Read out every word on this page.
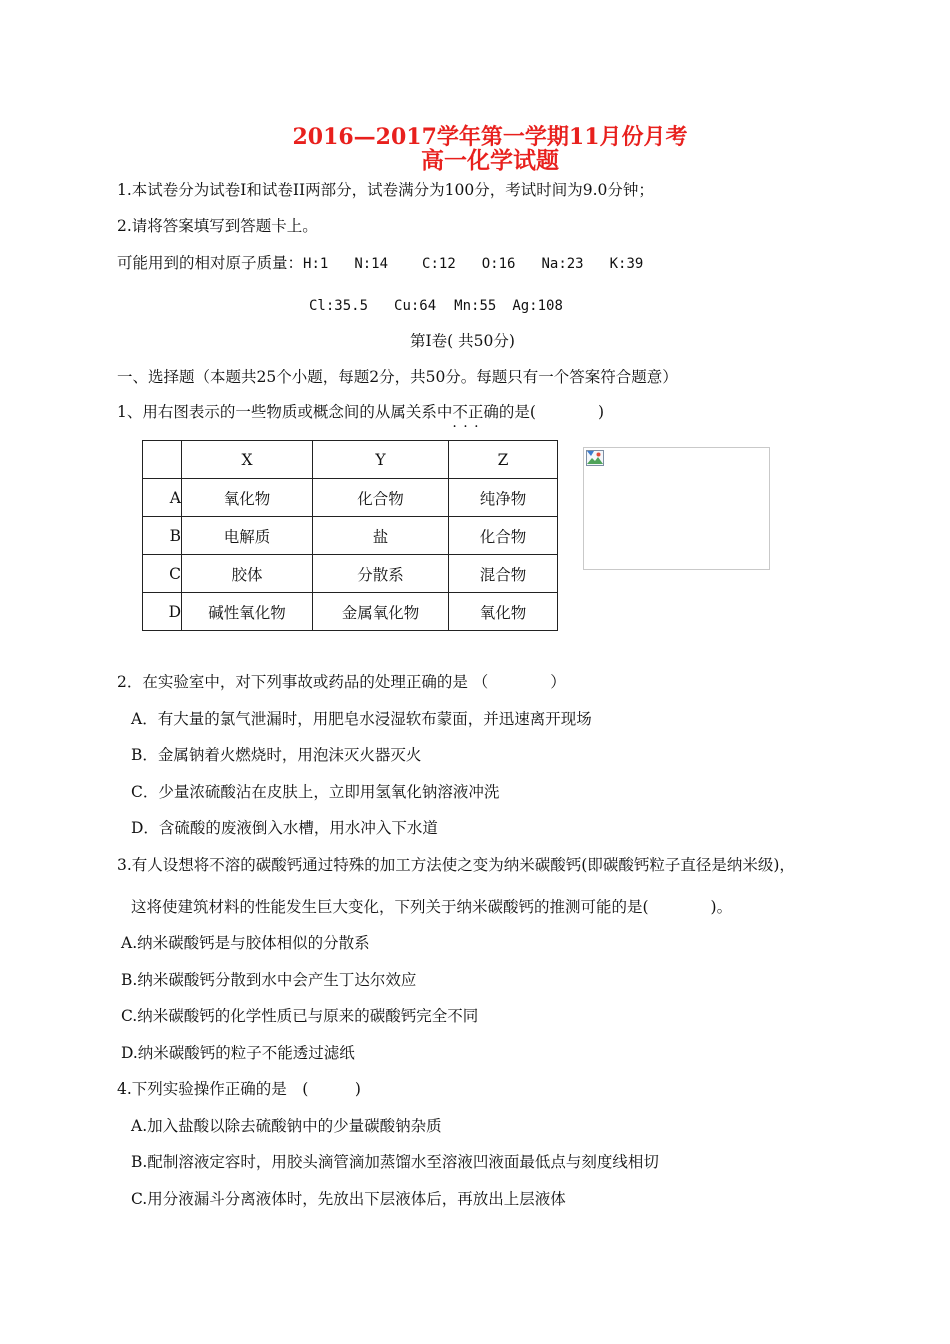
2016—2017学年第一学期11月份月考
高一化学试题
1.本试卷分为试卷Ⅰ和试卷II两部分，试卷满分为100分，考试时间为9.0分钟；
2.请将答案填写到答题卡上。
可能用到的相对原子质量：H:1 N:14 C:12 O:16 Na:23 K:39
Cl:35.5 Cu:64 Mn:55 Ag:108
第Ⅰ卷( 共50分)
一、选择题（本题共25个小题，每题2分，共50分。每题只有一个答案符合题意）
1、用右图表示的一些物质或概念间的从属关系中不正确 · · ·的是(　　　　)
	X	Y	Z
A	氧化物	化合物	纯净物
B	电解质	盐	化合物
C	胶体	分散系	混合物
D	碱性氧化物	金属氧化物	氧化物
2．在实验室中，对下列事故或药品的处理正确的是 （　　　　）
A．有大量的氯气泄漏时，用肥皂水浸湿软布蒙面，并迅速离开现场
B．金属钠着火燃烧时，用泡沫灭火器灭火
C．少量浓硫酸沾在皮肤上，立即用氢氧化钠溶液冲洗
D．含硫酸的废液倒入水槽，用水冲入下水道
3.有人设想将不溶的碳酸钙通过特殊的加工方法使之变为纳米碳酸钙(即碳酸钙粒子直径是纳米级)，
这将使建筑材料的性能发生巨大变化，下列关于纳米碳酸钙的推测可能的是(　　　　)。
A.纳米碳酸钙是与胶体相似的分散系
B.纳米碳酸钙分散到水中会产生丁达尔效应
C.纳米碳酸钙的化学性质已与原来的碳酸钙完全不同
D.纳米碳酸钙的粒子不能透过滤纸
4.下列实验操作正确的是　(　　　)
A.加入盐酸以除去硫酸钠中的少量碳酸钠杂质
B.配制溶液定容时，用胶头滴管滴加蒸馏水至溶液凹液面最低点与刻度线相切
C.用分液漏斗分离液体时，先放出下层液体后，再放出上层液体
